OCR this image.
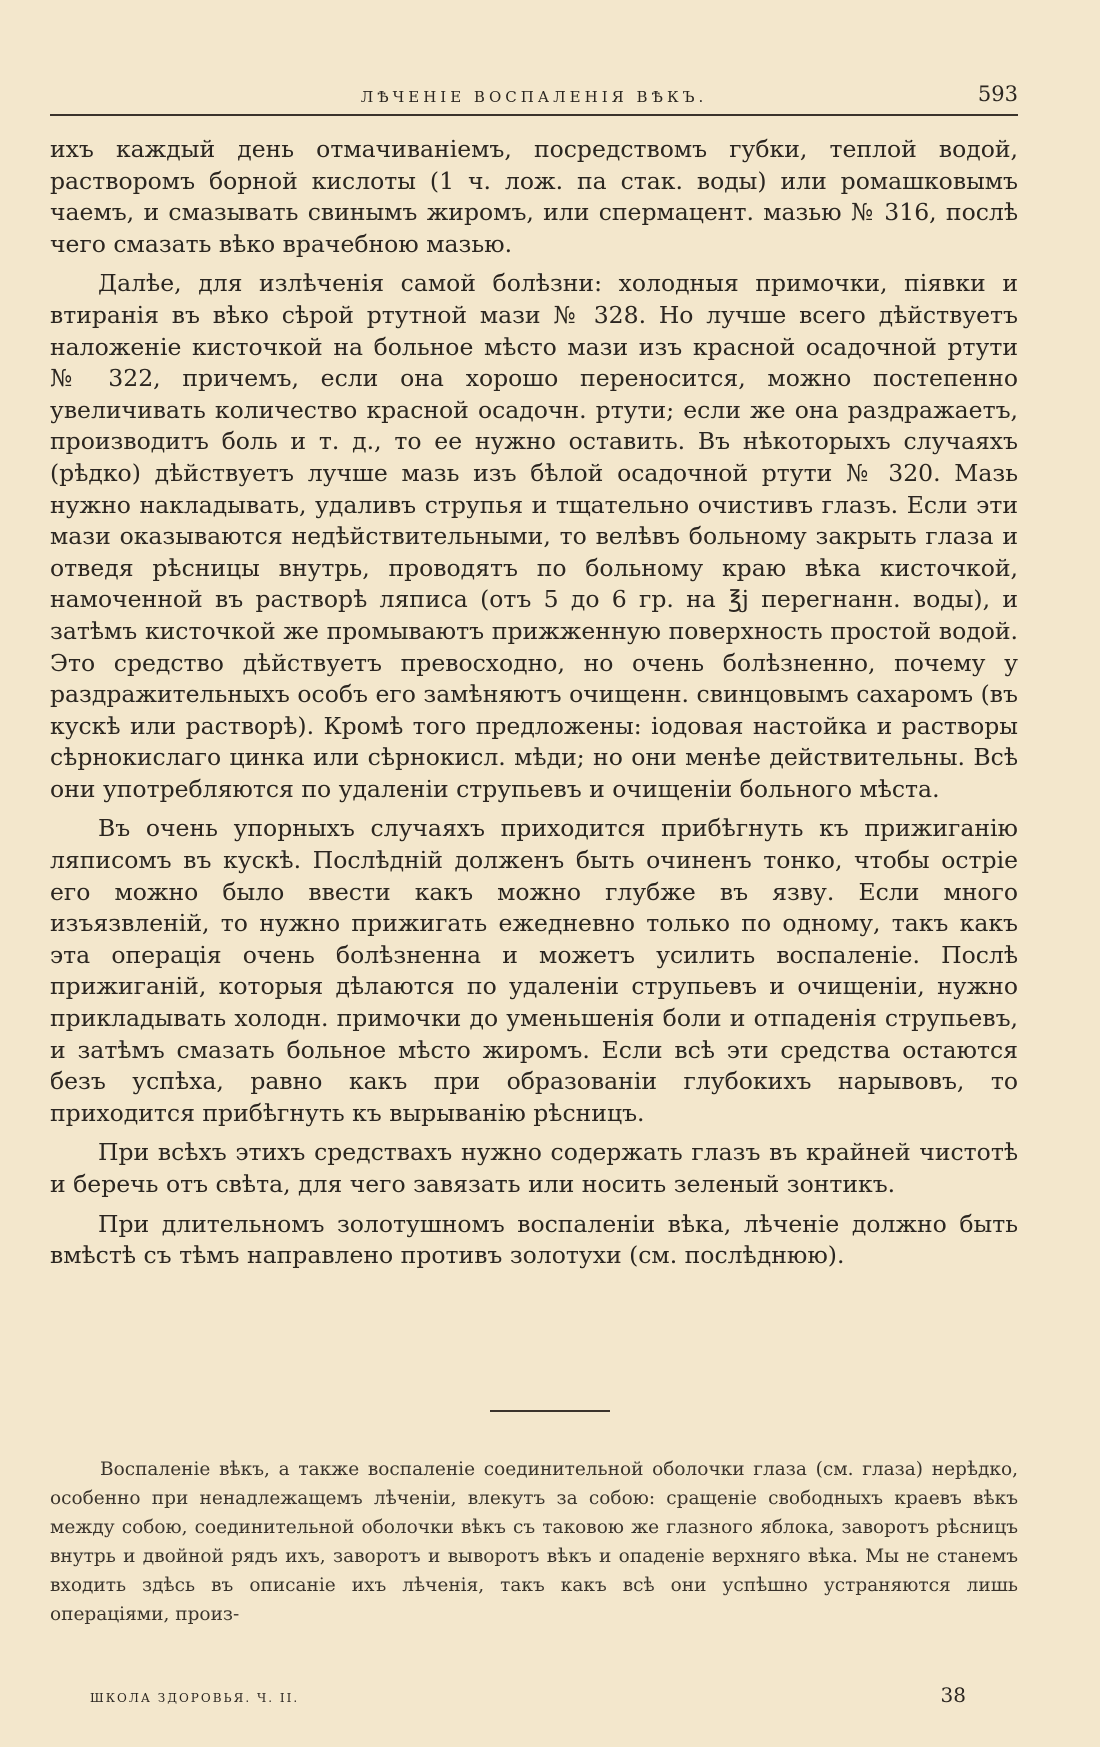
ЛѢЧЕНІЕ ВОСПАЛЕНІЯ ВѢКЪ.	593

ихъ каждый день отмачиваніемъ, посредствомъ губки, теплой водой, растворомъ борной кислоты (1 ч. лож. па стак. воды) или ромашковымъ чаемъ, и смазывать свинымъ жиромъ, или спермацент. мазью № 316, послѣ чего смазать вѣко врачебною мазью.

Далѣе, для излѣченія самой болѣзни: холодныя примочки, піявки и втиранія въ вѣко сѣрой ртутной мази № 328. Но лучше всего дѣйствуетъ наложеніе кисточкой на больное мѣсто мази изъ красной осадочной ртути № 322, причемъ, если она хорошо переносится, можно постепенно увеличивать количество красной осадочн. ртути; если же она раздражаетъ, производитъ боль и т. д., то ее нужно оставить. Въ нѣкоторыхъ случаяхъ (рѣдко) дѣйствуетъ лучше мазь изъ бѣлой осадочной ртути № 320. Мазь нужно накладывать, удаливъ струпья и тщательно очиcтивъ глазъ. Если эти мази оказываются недѣйствительными, то велѣвъ больному закрыть глаза и отведя рѣсницы внутрь, проводятъ по больному краю вѣка кисточкой, намоченной въ растворѣ ляписа (отъ 5 до 6 гр. на ℥j перегнанн. воды), и затѣмъ кисточкой же промываютъ прижженную поверхность простой водой. Это средство дѣйствуетъ превосходно, но очень болѣзненно, почему у раздражительныхъ особъ его замѣняютъ очищенн. свинцовымъ сахаромъ (въ кускѣ или растворѣ). Кромѣ того предложены: іодовая настойка и растворы сѣрнокислаго цинка или сѣрнокисл. мѣди; но они менѣе действительны. Всѣ они употребляются по удаленіи струпьевъ и очищеніи больного мѣста.

Въ очень упорныхъ случаяхъ приходится прибѣгнуть къ прижиганію ляписомъ въ кускѣ. Послѣдній долженъ быть очиненъ тонко, чтобы остріе его можно было ввести какъ можно глубже въ язву. Если много изъязвленій, то нужно прижигать ежедневно только по одному, такъ какъ эта операція очень болѣзненна и можетъ усилить воспаленіе. Послѣ прижиганій, которыя дѣлаются по удаленіи струпьевъ и очищеніи, нужно прикладывать холодн. примочки до уменьшенія боли и отпаденія струпьевъ, и затѣмъ смазать больное мѣсто жиромъ. Если всѣ эти средства остаются безъ успѣха, равно какъ при образованіи глубокихъ нарывовъ, то приходится прибѣгнуть къ вырыванію рѣсницъ.

При всѣхъ этихъ средствахъ нужно содержать глазъ въ крайней чистотѣ и беречь отъ свѣта, для чего завязать или носить зеленый зонтикъ.

При длительномъ золотушномъ воспаленіи вѣка, лѣченіе должно быть вмѣстѣ съ тѣмъ направлено противъ золотухи (см. послѣднюю).

Воспаленіе вѣкъ, а также воспаленіе соединительной оболочки глаза (см. глаза) нерѣдко, особенно при ненадлежащемъ лѣченіи, влекутъ за собою: сращеніе свободныхъ краевъ вѣкъ между собою, соединительной оболочки вѣкъ съ таковою же глазного яблока, заворотъ рѣсницъ внутрь и двойной рядъ ихъ, заворотъ и выворотъ вѣкъ и опаденіе верхняго вѣка. Мы не станемъ входить здѣсь въ описаніе ихъ лѣченія, такъ какъ всѣ они успѣшно устраняются лишь операціями, произ-

ШКОЛА ЗДОРОВЬЯ. Ч. II.	38
